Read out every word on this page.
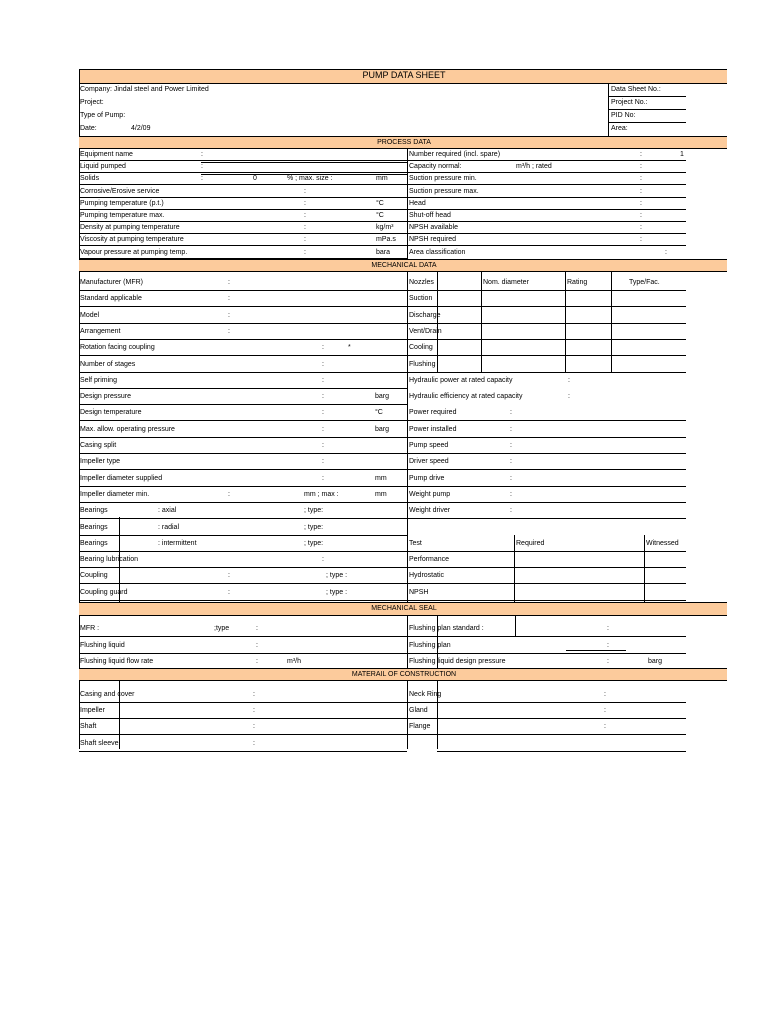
PUMP DATA SHEET
Company: Jindal steel and Power Limited
Project:
Type of Pump:
Date:	4/2/09
Data Sheet No.:
Project No.:
PID No:
Area:
PROCESS DATA
Equipment name	:
Liquid pumped	:
Solids	:	0	% ; max. size :	mm
Corrosive/Erosive service	:
Pumping temperature (p.t.)	:	°C
Pumping temperature max.	:	°C
Density at pumping temperature	:	kg/m³
Viscosity at pumping temperature	:	mPa.s
Vapour pressure at pumping temp.	:	bara
Number required (incl. spare)	:	1
Capacity normal:	m³/h ; rated	:
Suction pressure min.	:
Suction pressure max.	:
Head	:
Shut-off head	:
NPSH available	:
NPSH required	:
Area classification	:
MECHANICAL DATA
Manufacturer (MFR)	:
Standard applicable	:
Model	:
Arrangement	:
Rotation facing coupling	:	*
Number of stages	:
Self priming	:
Design pressure	:	barg
Design temperature	:	°C
Max. allow. operating pressure	:	barg
Casing split	:
Impeller type	:
Impeller diameter supplied	:	mm
Impeller diameter min.	:	mm ; max :	mm
Bearings	: axial	; type:
Bearings	: radial	; type:
Bearings	: intermittent	; type:
Bearing lubrication	:
Coupling	:	; type :
Coupling guard	:	; type :
Nozzles	Nom. diameter	Rating	Type/Fac.
Suction
Discharge
Vent/Drain
Cooling
Flushing
Hydraulic power at rated capacity	:
Hydraulic efficiency at rated capacity	:
Power required	:
Power installed	:
Pump speed	:
Driver speed	:
Pump drive	:
Weight pump	:
Weight driver	:
Test	Required	Witnessed
Performance
Hydrostatic
NPSH
MECHANICAL SEAL
MFR :	;type	:
Flushing liquid	:
Flushing liquid flow rate	:	m³/h
Flushing plan standard :	:
Flushing plan	:
Flushing liquid design pressure	:	barg
MATERAIL OF CONSTRUCTION
Casing and cover	:
Impeller	:
Shaft	:
Shaft sleeve	:
Neck Ring	:
Gland	:
Flange	:
